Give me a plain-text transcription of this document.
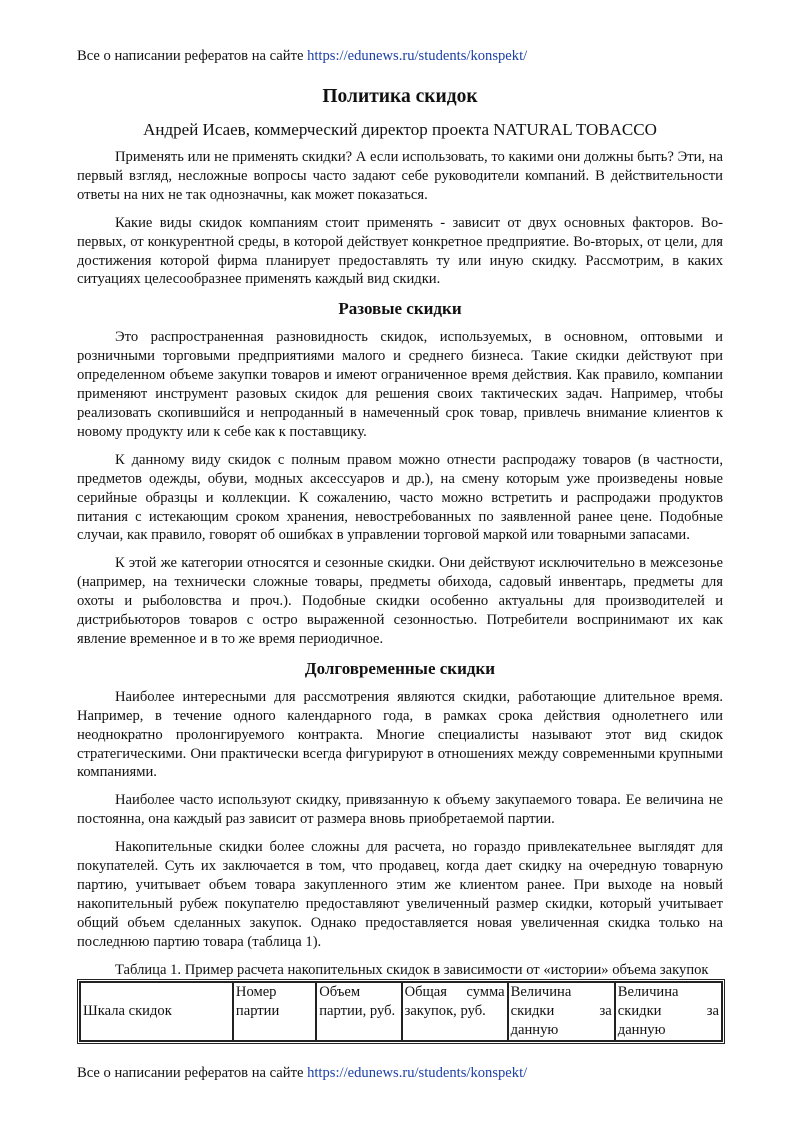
Все о написании рефератов на сайте https://edunews.ru/students/konspekt/
Политика скидок
Андрей Исаев, коммерческий директор проекта NATURAL TOBACCO

Применять или не применять скидки? А если использовать, то какими они должны быть? Эти, на первый взгляд, несложные вопросы часто задают себе руководители компаний. В действительности ответы на них не так однозначны, как может показаться.

Какие виды скидок компаниям стоит применять - зависит от двух основных факторов. Во-первых, от конкурентной среды, в которой действует конкретное предприятие. Во-вторых, от цели, для достижения которой фирма планирует предоставлять ту или иную скидку. Рассмотрим, в каких ситуациях целесообразнее применять каждый вид скидки.

Разовые скидки

Это распространенная разновидность скидок, используемых, в основном, оптовыми и розничными торговыми предприятиями малого и среднего бизнеса. Такие скидки действуют при определенном объеме закупки товаров и имеют ограниченное время действия. Как правило, компании применяют инструмент разовых скидок для решения своих тактических задач. Например, чтобы реализовать скопившийся и непроданный в намеченный срок товар, привлечь внимание клиентов к новому продукту или к себе как к поставщику.

К данному виду скидок с полным правом можно отнести распродажу товаров (в частности, предметов одежды, обуви, модных аксессуаров и др.), на смену которым уже произведены новые серийные образцы и коллекции. К сожалению, часто можно встретить и распродажи продуктов питания с истекающим сроком хранения, невостребованных по заявленной ранее цене. Подобные случаи, как правило, говорят об ошибках в управлении торговой маркой или товарными запасами.

К этой же категории относятся и сезонные скидки. Они действуют исключительно в межсезонье (например, на технически сложные товары, предметы обихода, садовый инвентарь, предметы для охоты и рыболовства и проч.). Подобные скидки особенно актуальны для производителей и дистрибьюторов товаров с остро выраженной сезонностью. Потребители воспринимают их как явление временное и в то же время периодичное.

Долговременные скидки

Наиболее интересными для рассмотрения являются скидки, работающие длительное время. Например, в течение одного календарного года, в рамках срока действия однолетнего или неоднократно пролонгируемого контракта. Многие специалисты называют этот вид скидок стратегическими. Они практически всегда фигурируют в отношениях между современными крупными компаниями.

Наиболее часто используют скидку, привязанную к объему закупаемого товара. Ее величина не постоянна, она каждый раз зависит от размера вновь приобретаемой партии.

Накопительные скидки более сложны для расчета, но гораздо привлекательнее выглядят для покупателей. Суть их заключается в том, что продавец, когда дает скидку на очередную товарную партию, учитывает объем товара закупленного этим же клиентом ранее. При выходе на новый накопительный рубеж покупателю предоставляют увеличенный размер скидки, который учитывает общий объем сделанных закупок. Однако предоставляется новая увеличенная скидка только на последнюю партию товара (таблица 1).

Таблица 1. Пример расчета накопительных скидок в зависимости от «истории» объема закупок

Шкала скидок	Номер партии	Объем партии, руб.	Общая сумма закупок, руб.	Величина скидки за данную	Величина скидки за данную
Все о написании рефератов на сайте https://edunews.ru/students/konspekt/
